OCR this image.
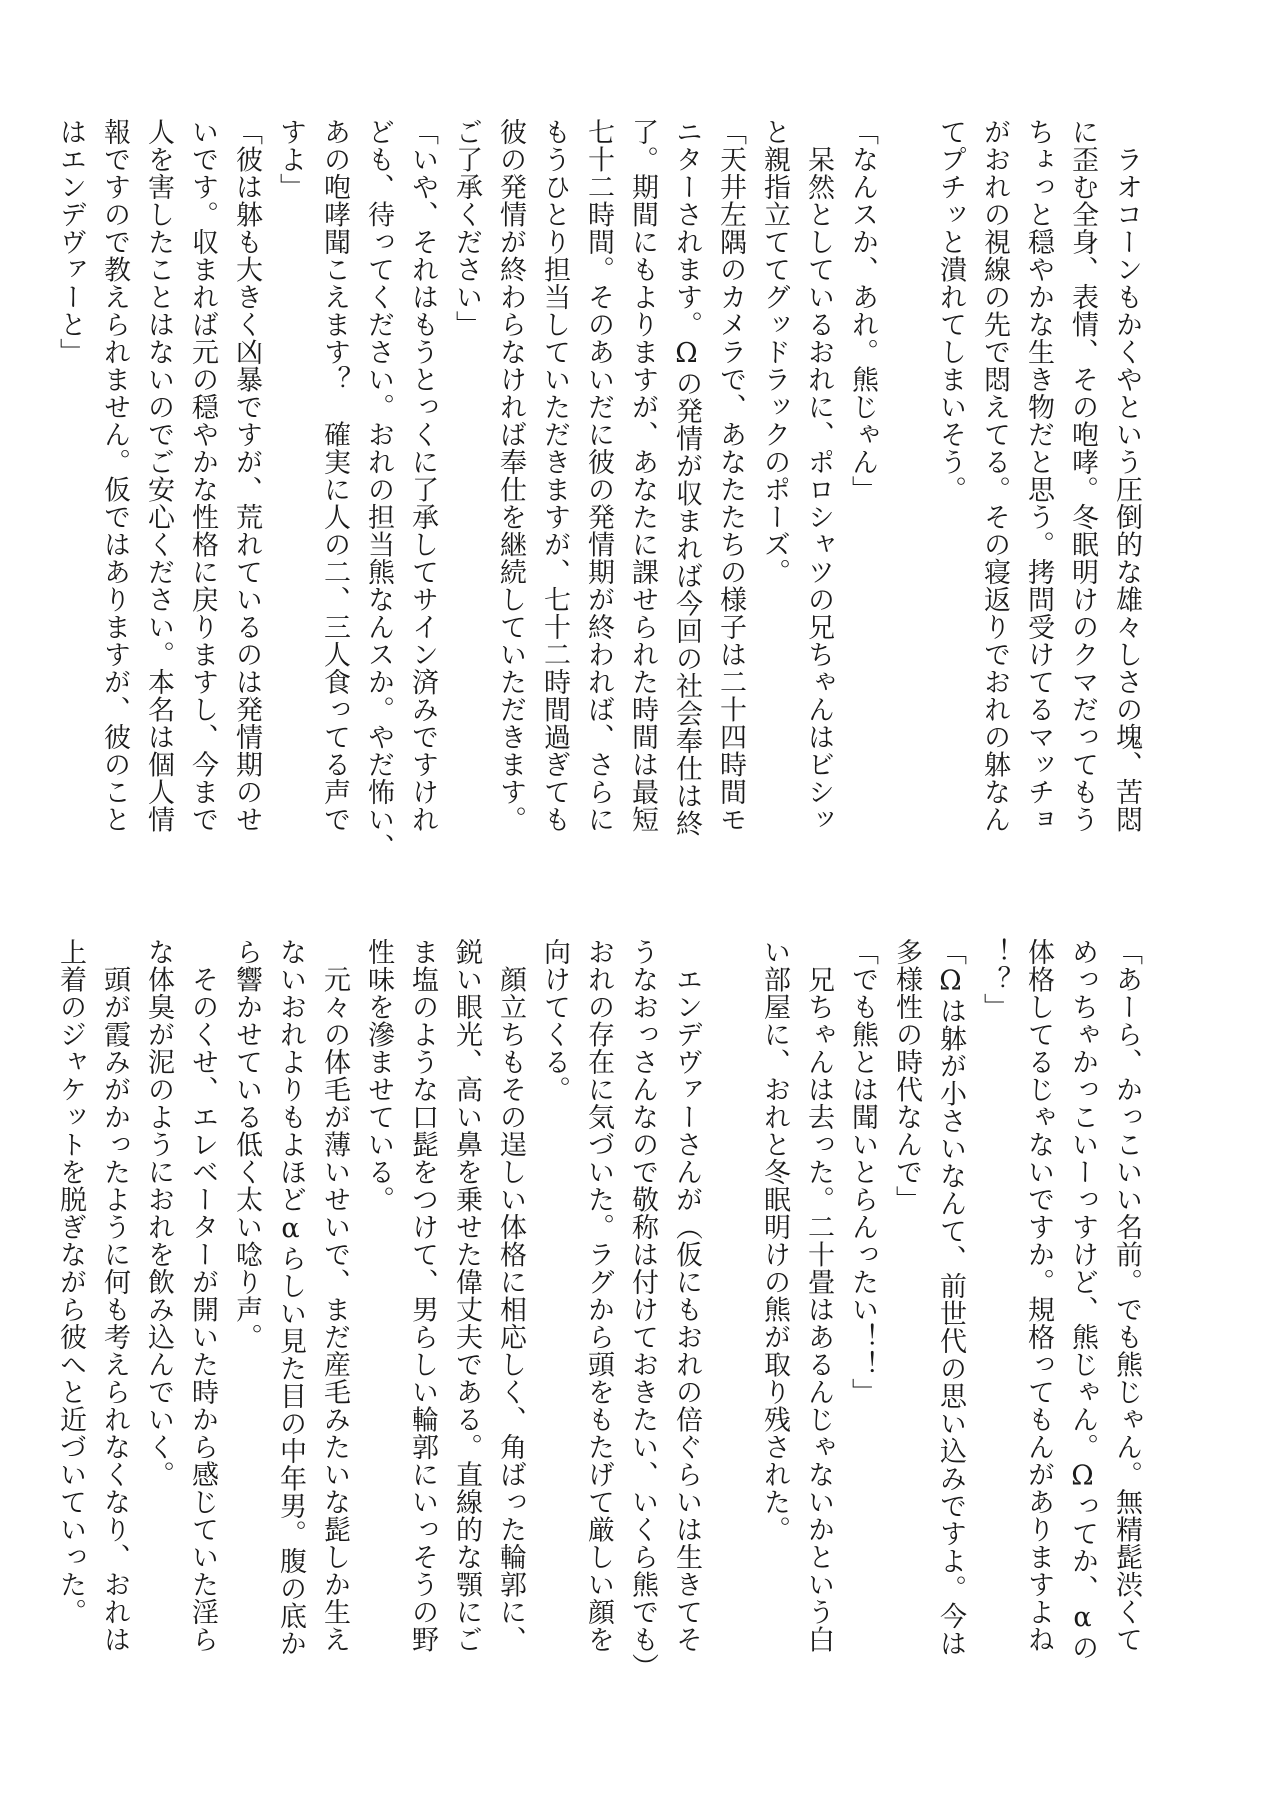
　ラオコーンもかくやという圧倒的な雄々しさの塊、苦悶
に歪む全身、表情、その咆哮。冬眠明けのクマだってもう
ちょっと穏やかな生き物だと思う。拷問受けてるマッチョ
がおれの視線の先で悶えてる。その寝返りでおれの躰なん
てプチッと潰れてしまいそう。
「なんスか、あれ。熊じゃん」
　呆然としているおれに、ポロシャツの兄ちゃんはビシッ
と親指立ててグッドラックのポーズ。
「天井左隅のカメラで、あなたたちの様子は二十四時間モ
ニターされます。Ωの発情が収まれば今回の社会奉仕は終
了。期間にもよりますが、あなたに課せられた時間は最短
七十二時間。そのあいだに彼の発情期が終われば、さらに
もうひとり担当していただきますが、七十二時間過ぎても
彼の発情が終わらなければ奉仕を継続していただきます。
ご了承ください」
「いや、それはもうとっくに了承してサイン済みですけれ
ども、待ってください。おれの担当熊なんスか。やだ怖い、
あの咆哮聞こえます？　確実に人の二、三人食ってる声で
すよ」
「彼は躰も大きく凶暴ですが、荒れているのは発情期のせ
いです。収まれば元の穏やかな性格に戻りますし、今まで
人を害したことはないのでご安心ください。本名は個人情
報ですので教えられません。仮ではありますが、彼のこと
はエンデヴァーと」
「あーら、かっこいい名前。でも熊じゃん。無精髭渋くて
めっちゃかっこいーっすけど、熊じゃん。Ωってか、αの
体格してるじゃないですか。規格ってもんがありますよね
！？」
「Ωは躰が小さいなんて、前世代の思い込みですよ。今は
多様性の時代なんで」
「でも熊とは聞いとらんったい！！」
　兄ちゃんは去った。二十畳はあるんじゃないかという白
い部屋に、おれと冬眠明けの熊が取り残された。
　エンデヴァーさんが（仮にもおれの倍ぐらいは生きてそ
うなおっさんなので敬称は付けておきたい、いくら熊でも）
おれの存在に気づいた。ラグから頭をもたげて厳しい顔を
向けてくる。
　顔立ちもその逞しい体格に相応しく、角ばった輪郭に、
鋭い眼光、高い鼻を乗せた偉丈夫である。直線的な顎にご
ま塩のような口髭をつけて、男らしい輪郭にいっそうの野
性味を滲ませている。
　元々の体毛が薄いせいで、まだ産毛みたいな髭しか生え
ないおれよりもよほどαらしい見た目の中年男。腹の底か
ら響かせている低く太い唸り声。
　そのくせ、エレベーターが開いた時から感じていた淫ら
な体臭が泥のようにおれを飲み込んでいく。
　頭が霞みがかったように何も考えられなくなり、おれは
上着のジャケットを脱ぎながら彼へと近づいていった。
